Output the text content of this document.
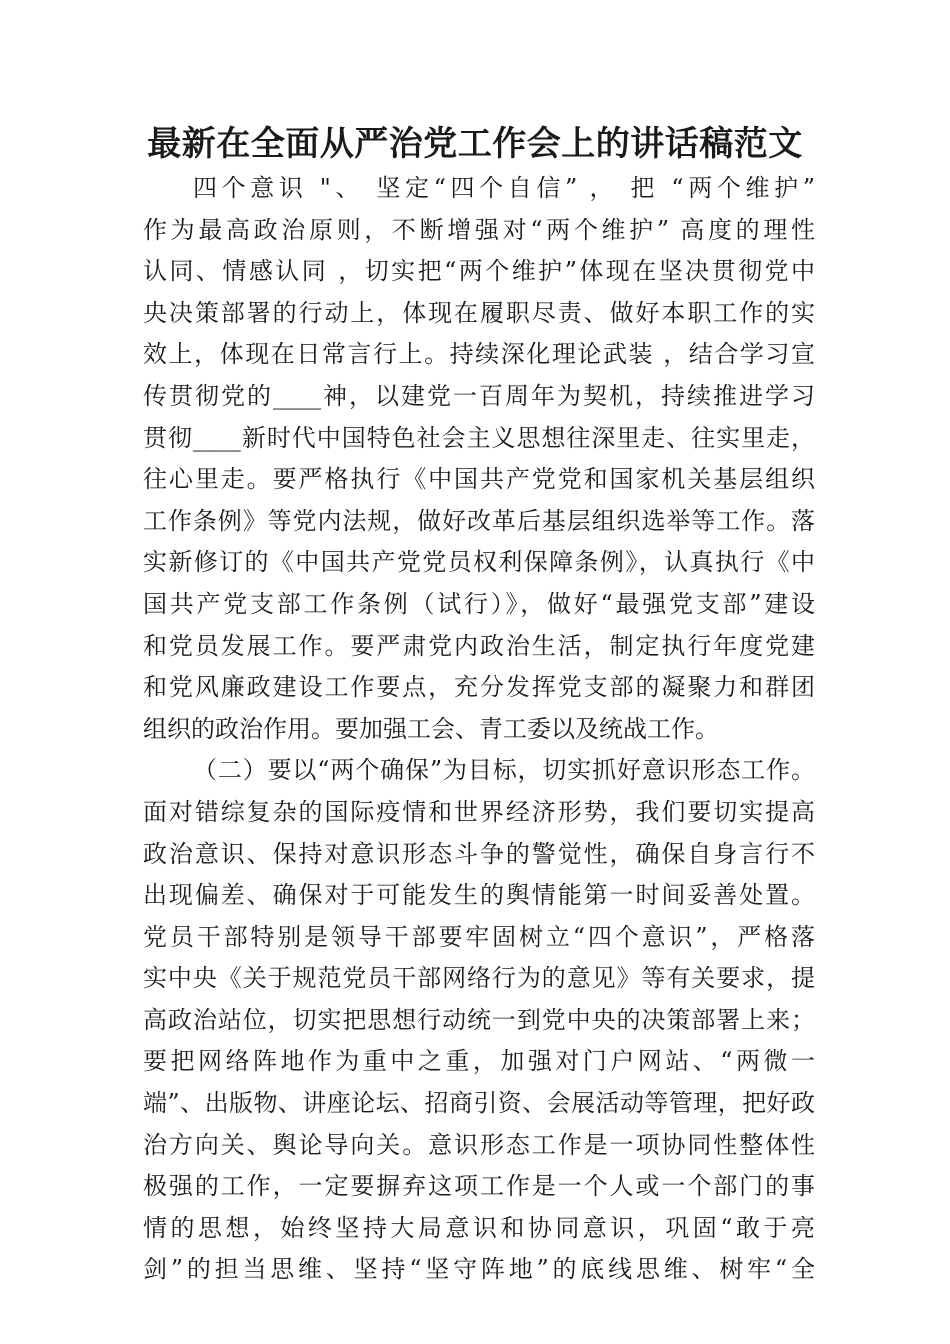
最新在全面从严治党工作会上的讲话稿范文
四个意识 "、 坚定“四个自信” ， 把 “两个维护”
作为最高政治原则，不断增强对“两个维护” 高度的理性
认同、情感认同 ，切实把“两个维护”体现在坚决贯彻党中
央决策部署的行动上，体现在履职尽责、做好本职工作的实
效上，体现在日常言行上。持续深化理论武装 ，结合学习宣
传贯彻党的____神，以建党一百周年为契机，持续推进学习
贯彻____新时代中国特色社会主义思想往深里走、往实里走，
往心里走。要严格执行《中国共产党党和国家机关基层组织
工作条例》等党内法规，做好改革后基层组织选举等工作。落
实新修订的《中国共产党党员权利保障条例》，认真执行《中
国共产党支部工作条例（试行）》，做好“最强党支部”建设
和党员发展工作。要严肃党内政治生活，制定执行年度党建
和党风廉政建设工作要点，充分发挥党支部的凝聚力和群团
组织的政治作用。要加强工会、青工委以及统战工作。
（二）要以“两个确保”为目标，切实抓好意识形态工作。
面对错综复杂的国际疫情和世界经济形势，我们要切实提高
政治意识、保持对意识形态斗争的警觉性，确保自身言行不
出现偏差、确保对于可能发生的舆情能第一时间妥善处置。
党员干部特别是领导干部要牢固树立“四个意识”，严格落
实中央《关于规范党员干部网络行为的意见》等有关要求，提
高政治站位，切实把思想行动统一到党中央的决策部署上来；
要把网络阵地作为重中之重，加强对门户网站、“两微一
端”、出版物、讲座论坛、招商引资、会展活动等管理，把好政
治方向关、舆论导向关。意识形态工作是一项协同性整体性
极强的工作，一定要摒弃这项工作是一个人或一个部门的事
情的思想，始终坚持大局意识和协同意识，巩固“敢于亮
剑”的担当思维、坚持“坚守阵地”的底线思维、树牢“全
